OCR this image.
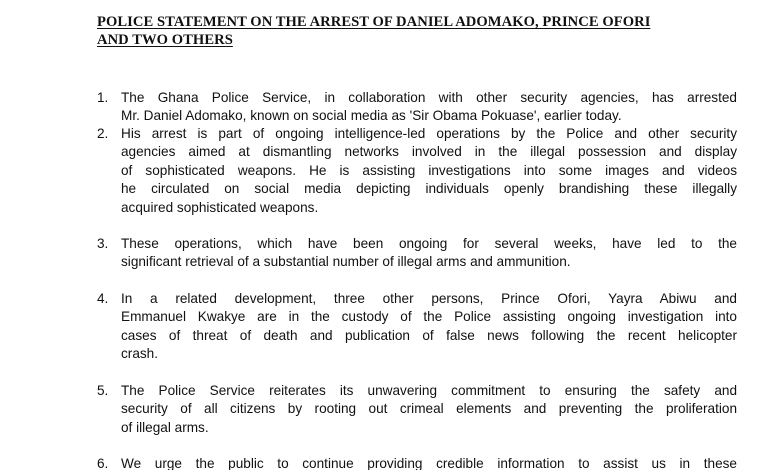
POLICE STATEMENT ON THE ARREST OF DANIEL ADOMAKO, PRINCE OFORI
AND TWO OTHERS
1. The Ghana Police Service, in collaboration with other security agencies, has arrested
Mr. Daniel Adomako, known on social media as 'Sir Obama Pokuase', earlier today.
2. His arrest is part of ongoing intelligence-led operations by the Police and other security
agencies aimed at dismantling networks involved in the illegal possession and display
of sophisticated weapons. He is assisting investigations into some images and videos
he circulated on social media depicting individuals openly brandishing these illegally
acquired sophisticated weapons.
3. These operations, which have been ongoing for several weeks, have led to the
significant retrieval of a substantial number of illegal arms and ammunition.
4. In a related development, three other persons, Prince Ofori, Yayra Abiwu and
Emmanuel Kwakye are in the custody of the Police assisting ongoing investigation into
cases of threat of death and publication of false news following the recent helicopter
crash.
5. The Police Service reiterates its unwavering commitment to ensuring the safety and
security of all citizens by rooting out crimeal elements and preventing the proliferation
of illegal arms.
6. We urge the public to continue providing credible information to assist us in these
